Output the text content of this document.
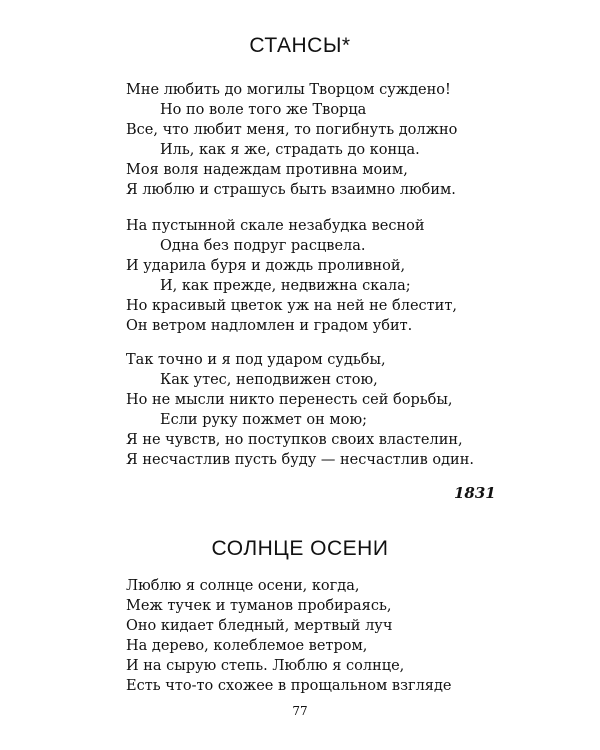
СТАНСЫ*
Мне любить до могилы Творцом суждено!
Но по воле того же Творца
Все, что любит меня, то погибнуть должно
Иль, как я же, страдать до конца.
Моя воля надеждам противна моим,
Я люблю и страшусь быть взаимно любим.
На пустынной скале незабудка весной
Одна без подруг расцвела.
И ударила буря и дождь проливной,
И, как прежде, недвижна скала;
Но красивый цветок уж на ней не блестит,
Он ветром надломлен и градом убит.
Так точно и я под ударом судьбы,
Как утес, неподвижен стою,
Но не мысли никто перенесть сей борьбы,
Если руку пожмет он мою;
Я не чувств, но поступков своих властелин,
Я несчастлив пусть буду — несчастлив один.
1831
СОЛНЦЕ ОСЕНИ
Люблю я солнце осени, когда,
Меж тучек и туманов пробираясь,
Оно кидает бледный, мертвый луч
На дерево, колеблемое ветром,
И на сырую степь. Люблю я солнце,
Есть что-то схожее в прощальном взгляде
77
